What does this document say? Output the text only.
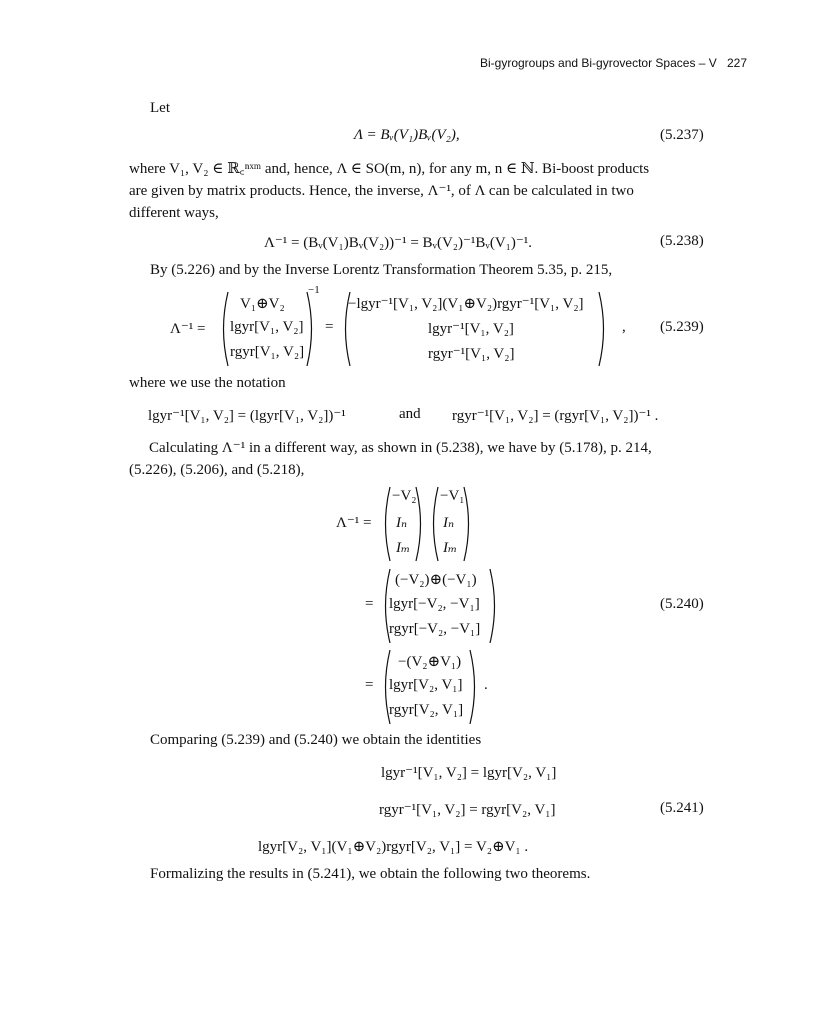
Bi-gyrogroups and Bi-gyrovector Spaces – V 227
Let
Λ = Bᵥ(V₁)Bᵥ(V₂),	(5.237)

where V₁, V₂ ∈ ℝ꜀ⁿˣᵐ and, hence, Λ ∈ SO(m, n), for any m, n ∈ ℕ. Bi-boost products

are given by matrix products. Hence, the inverse, Λ⁻¹, of Λ can be calculated in two

different ways,

Λ⁻¹ = (Bᵥ(V₁)Bᵥ(V₂))⁻¹ = Bᵥ(V₂)⁻¹Bᵥ(V₁)⁻¹.	(5.238)
By (5.226) and by the Inverse Lorentz Transformation Theorem 5.35, p. 215,
Λ⁻¹ =
V₁⊕V₂
lgyr[V₁, V₂]
rgyr[V₁, V₂]
−1
=
−lgyr⁻¹[V₁, V₂](V₁⊕V₂)rgyr⁻¹[V₁, V₂]
lgyr⁻¹[V₁, V₂]
rgyr⁻¹[V₁, V₂]
, (5.239)
where we use the notation
lgyr⁻¹[V₁, V₂] = (lgyr[V₁, V₂])⁻¹	and rgyr⁻¹[V₁, V₂] = (rgyr[V₁, V₂])⁻¹ .

Calculating Λ⁻¹ in a different way, as shown in (5.238), we have by (5.178), p. 214,

(5.226), (5.206), and (5.218),

Λ⁻¹ =
−V₂
Iₙ
Iₘ
−V₁
Iₙ
Iₘ
=
(−V₂)⊕(−V₁)
lgyr[−V₂, −V₁]
rgyr[−V₂, −V₁]
(5.240)
=
−(V₂⊕V₁)
lgyr[V₂, V₁]
rgyr[V₂, V₁]
.
Comparing (5.239) and (5.240) we obtain the identities
lgyr⁻¹[V₁, V₂] = lgyr[V₂, V₁]
rgyr⁻¹[V₁, V₂] = rgyr[V₂, V₁]	(5.241)
lgyr[V₂, V₁](V₁⊕V₂)rgyr[V₂, V₁] = V₂⊕V₁ .
Formalizing the results in (5.241), we obtain the following two theorems.
